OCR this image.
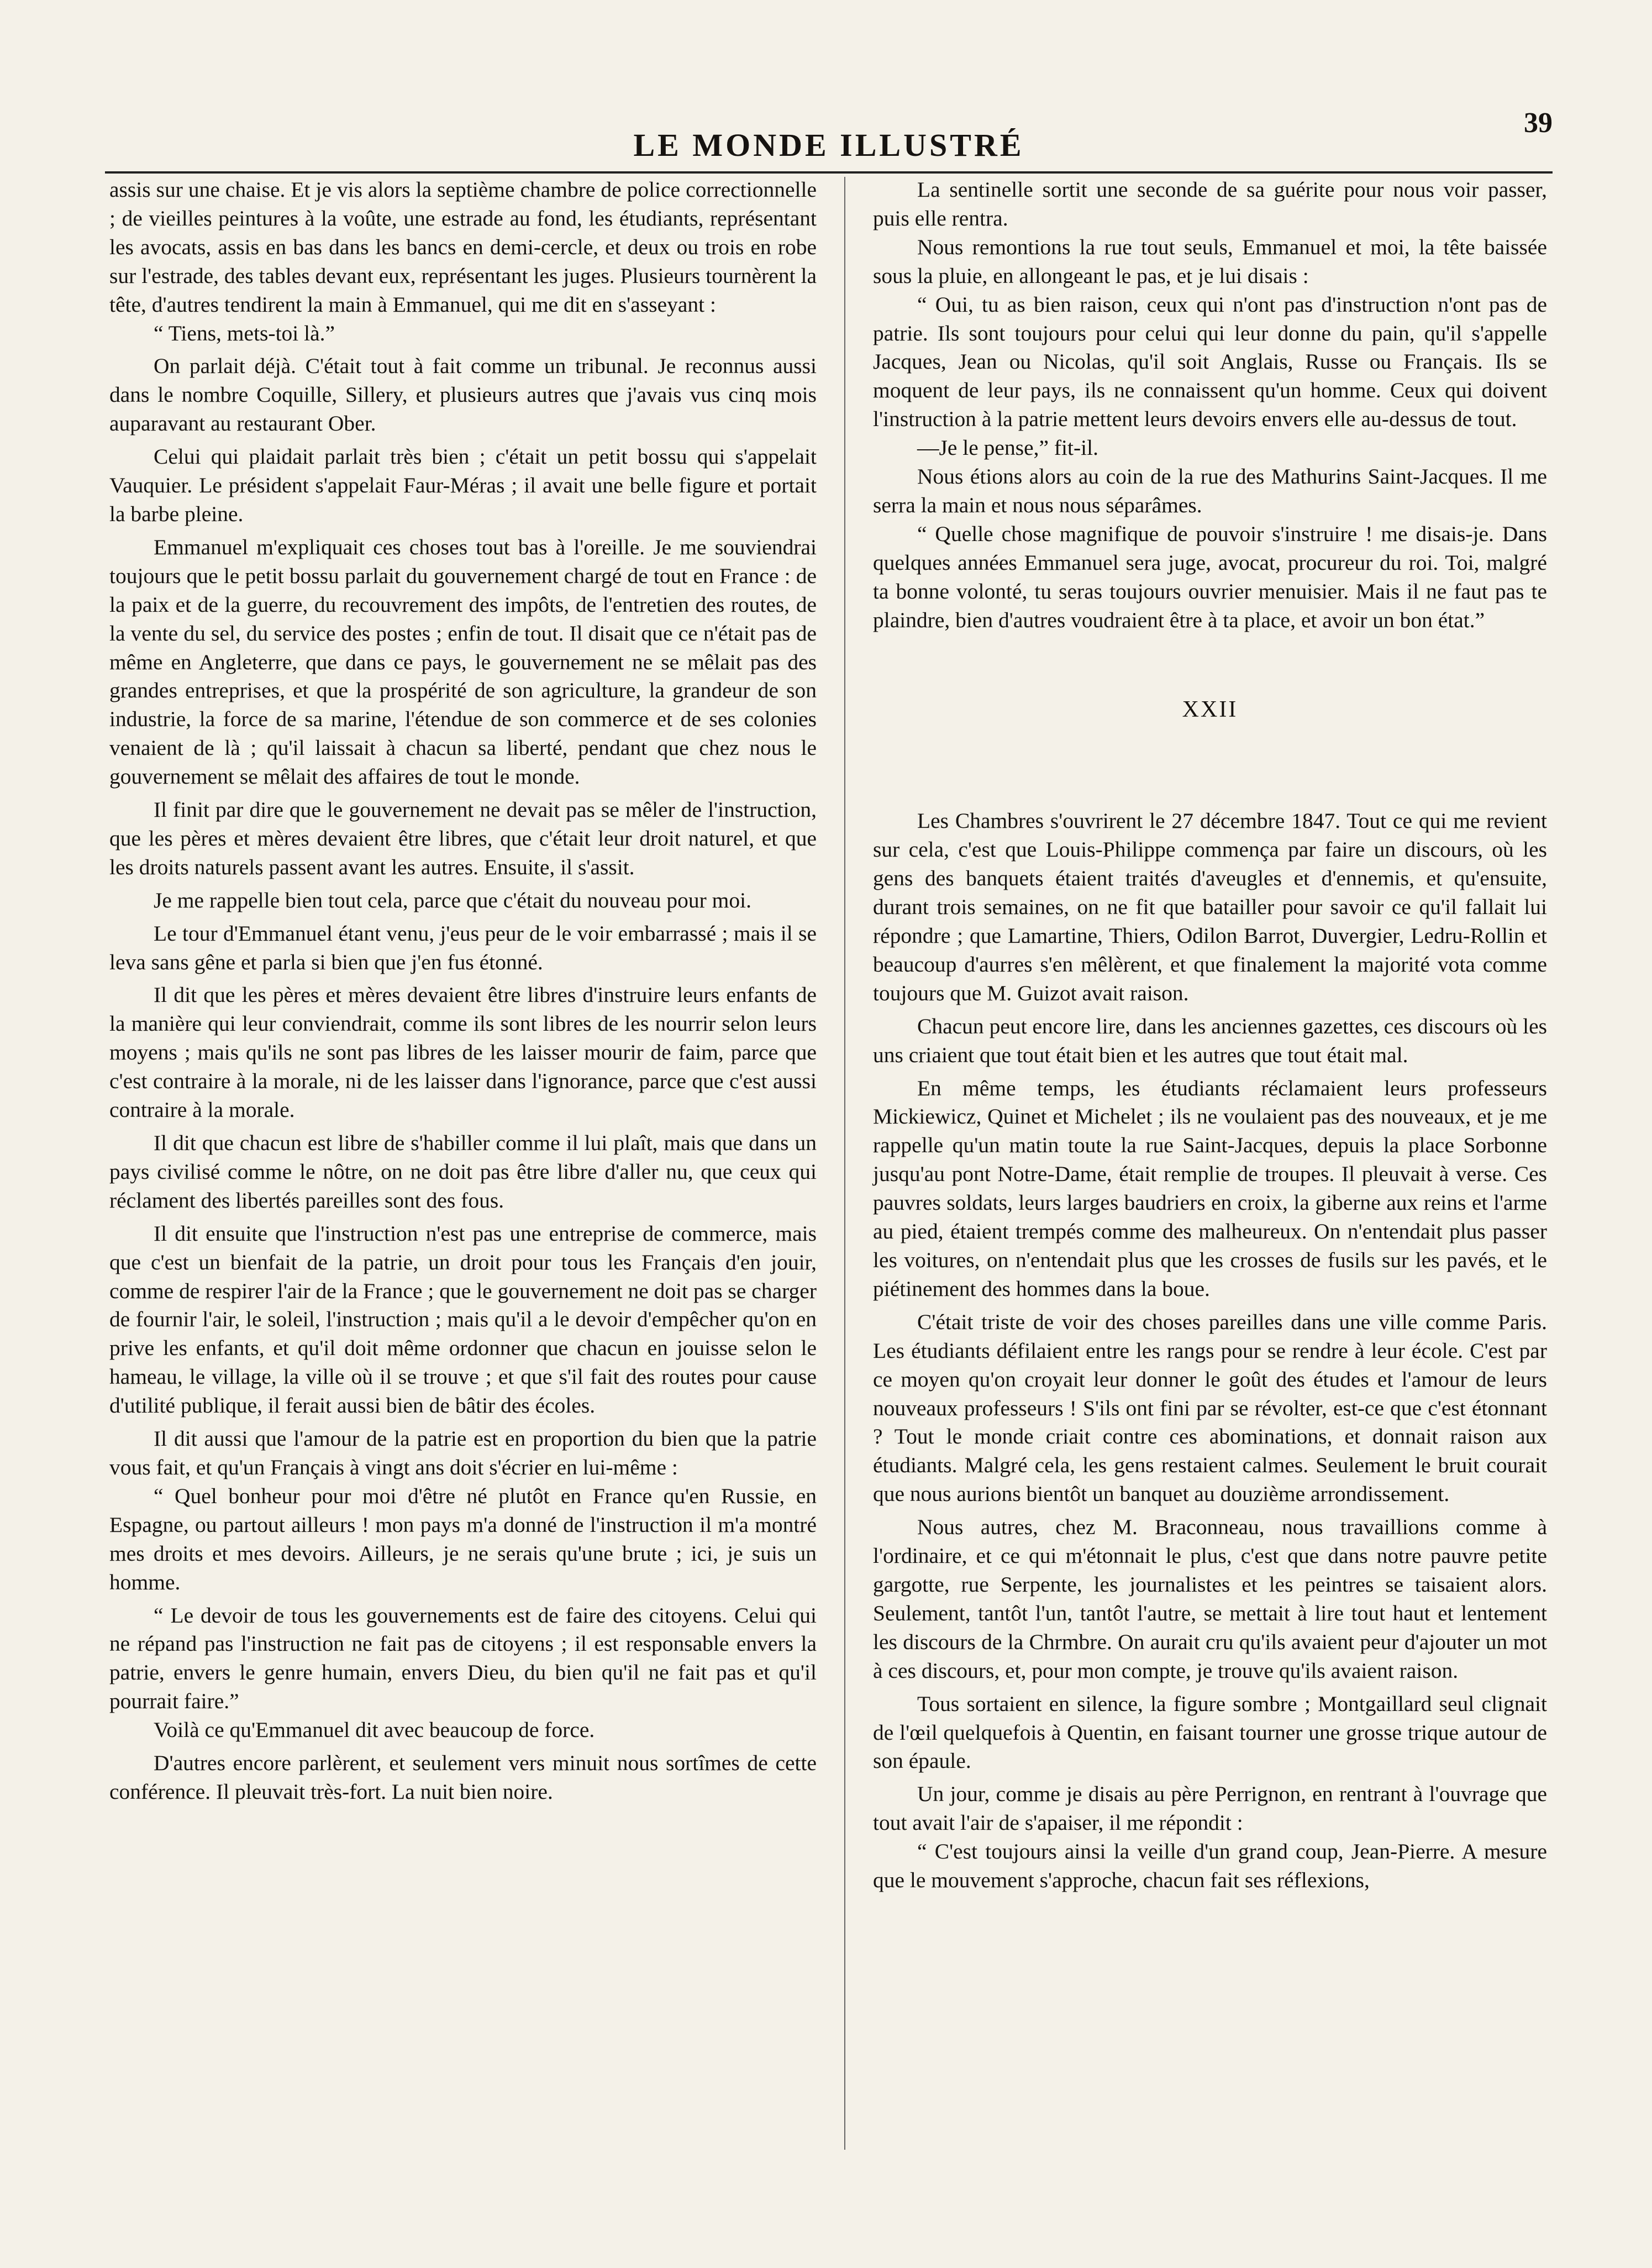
LE MONDE ILLUSTRÉ
39

assis sur une chaise. Et je vis alors la septième chambre de police correctionnelle ; de vieilles peintures à la voûte, une estrade au fond, les étudiants, représentant les avocats, assis en bas dans les bancs en demi-cercle, et deux ou trois en robe sur l'estrade, des tables devant eux, représentant les juges. Plusieurs tournèrent la tête, d'autres tendirent la main à Emmanuel, qui me dit en s'asseyant :

“ Tiens, mets-toi là.”

On parlait déjà. C'était tout à fait comme un tribunal. Je reconnus aussi dans le nombre Coquille, Sillery, et plusieurs autres que j'avais vus cinq mois auparavant au restaurant Ober.

Celui qui plaidait parlait très bien ; c'était un petit bossu qui s'appelait Vauquier. Le président s'appelait Faur-Méras ; il avait une belle figure et portait la barbe pleine.

Emmanuel m'expliquait ces choses tout bas à l'oreille. Je me souviendrai toujours que le petit bossu parlait du gouvernement chargé de tout en France : de la paix et de la guerre, du recouvrement des impôts, de l'entretien des routes, de la vente du sel, du service des postes ; enfin de tout. Il disait que ce n'était pas de même en Angleterre, que dans ce pays, le gouvernement ne se mêlait pas des grandes entreprises, et que la prospérité de son agriculture, la grandeur de son industrie, la force de sa marine, l'étendue de son commerce et de ses colonies venaient de là ; qu'il laissait à chacun sa liberté, pendant que chez nous le gouvernement se mêlait des affaires de tout le monde.

Il finit par dire que le gouvernement ne devait pas se mêler de l'instruction, que les pères et mères devaient être libres, que c'était leur droit naturel, et que les droits naturels passent avant les autres. Ensuite, il s'assit.

Je me rappelle bien tout cela, parce que c'était du nouveau pour moi.

Le tour d'Emmanuel étant venu, j'eus peur de le voir embarrassé ; mais il se leva sans gêne et parla si bien que j'en fus étonné.

Il dit que les pères et mères devaient être libres d'instruire leurs enfants de la manière qui leur conviendrait, comme ils sont libres de les nourrir selon leurs moyens ; mais qu'ils ne sont pas libres de les laisser mourir de faim, parce que c'est contraire à la morale, ni de les laisser dans l'ignorance, parce que c'est aussi contraire à la morale.

Il dit que chacun est libre de s'habiller comme il lui plaît, mais que dans un pays civilisé comme le nôtre, on ne doit pas être libre d'aller nu, que ceux qui réclament des libertés pareilles sont des fous.

Il dit ensuite que l'instruction n'est pas une entreprise de commerce, mais que c'est un bienfait de la patrie, un droit pour tous les Français d'en jouir, comme de respirer l'air de la France ; que le gouvernement ne doit pas se charger de fournir l'air, le soleil, l'instruction ; mais qu'il a le devoir d'empêcher qu'on en prive les enfants, et qu'il doit même ordonner que chacun en jouisse selon le hameau, le village, la ville où il se trouve ; et que s'il fait des routes pour cause d'utilité publique, il ferait aussi bien de bâtir des écoles.

Il dit aussi que l'amour de la patrie est en proportion du bien que la patrie vous fait, et qu'un Français à vingt ans doit s'écrier en lui-même :

“ Quel bonheur pour moi d'être né plutôt en France qu'en Russie, en Espagne, ou partout ailleurs ! mon pays m'a donné de l'instruction il m'a montré mes droits et mes devoirs. Ailleurs, je ne serais qu'une brute ; ici, je suis un homme.

“ Le devoir de tous les gouvernements est de faire des citoyens. Celui qui ne répand pas l'instruction ne fait pas de citoyens ; il est responsable envers la patrie, envers le genre humain, envers Dieu, du bien qu'il ne fait pas et qu'il pourrait faire.”

Voilà ce qu'Emmanuel dit avec beaucoup de force.

D'autres encore parlèrent, et seulement vers minuit nous sortîmes de cette conférence. Il pleuvait très-fort. La nuit bien noire.

La sentinelle sortit une seconde de sa guérite pour nous voir passer, puis elle rentra.

Nous remontions la rue tout seuls, Emmanuel et moi, la tête baissée sous la pluie, en allongeant le pas, et je lui disais :

“ Oui, tu as bien raison, ceux qui n'ont pas d'instruction n'ont pas de patrie. Ils sont toujours pour celui qui leur donne du pain, qu'il s'appelle Jacques, Jean ou Nicolas, qu'il soit Anglais, Russe ou Français. Ils se moquent de leur pays, ils ne connaissent qu'un homme. Ceux qui doivent l'instruction à la patrie mettent leurs devoirs envers elle au-dessus de tout.

—Je le pense,” fit-il.

Nous étions alors au coin de la rue des Mathurins Saint-Jacques. Il me serra la main et nous nous séparâmes.

“ Quelle chose magnifique de pouvoir s'instruire ! me disais-je. Dans quelques années Emmanuel sera juge, avocat, procureur du roi. Toi, malgré ta bonne volonté, tu seras toujours ouvrier menuisier. Mais il ne faut pas te plaindre, bien d'autres voudraient être à ta place, et avoir un bon état.”

XXII

Les Chambres s'ouvrirent le 27 décembre 1847. Tout ce qui me revient sur cela, c'est que Louis-Philippe commença par faire un discours, où les gens des banquets étaient traités d'aveugles et d'ennemis, et qu'ensuite, durant trois semaines, on ne fit que batailler pour savoir ce qu'il fallait lui répondre ; que Lamartine, Thiers, Odilon Barrot, Duvergier, Ledru-Rollin et beaucoup d'aurres s'en mêlèrent, et que finalement la majorité vota comme toujours que M. Guizot avait raison.

Chacun peut encore lire, dans les anciennes gazettes, ces discours où les uns criaient que tout était bien et les autres que tout était mal.

En même temps, les étudiants réclamaient leurs professeurs Mickiewicz, Quinet et Michelet ; ils ne voulaient pas des nouveaux, et je me rappelle qu'un matin toute la rue Saint-Jacques, depuis la place Sorbonne jusqu'au pont Notre-Dame, était remplie de troupes. Il pleuvait à verse. Ces pauvres soldats, leurs larges baudriers en croix, la giberne aux reins et l'arme au pied, étaient trempés comme des malheureux. On n'entendait plus passer les voitures, on n'entendait plus que les crosses de fusils sur les pavés, et le piétinement des hommes dans la boue.

C'était triste de voir des choses pareilles dans une ville comme Paris. Les étudiants défilaient entre les rangs pour se rendre à leur école. C'est par ce moyen qu'on croyait leur donner le goût des études et l'amour de leurs nouveaux professeurs ! S'ils ont fini par se révolter, est-ce que c'est étonnant ? Tout le monde criait contre ces abominations, et donnait raison aux étudiants. Malgré cela, les gens restaient calmes. Seulement le bruit courait que nous aurions bientôt un banquet au douzième arrondissement.

Nous autres, chez M. Braconneau, nous travaillions comme à l'ordinaire, et ce qui m'étonnait le plus, c'est que dans notre pauvre petite gargotte, rue Serpente, les journalistes et les peintres se taisaient alors. Seulement, tantôt l'un, tantôt l'autre, se mettait à lire tout haut et lentement les discours de la Chrmbre. On aurait cru qu'ils avaient peur d'ajouter un mot à ces discours, et, pour mon compte, je trouve qu'ils avaient raison.

Tous sortaient en silence, la figure sombre ; Montgaillard seul clignait de l'œil quelquefois à Quentin, en faisant tourner une grosse trique autour de son épaule.

Un jour, comme je disais au père Perrignon, en rentrant à l'ouvrage que tout avait l'air de s'apaiser, il me répondit :

“ C'est toujours ainsi la veille d'un grand coup, Jean-Pierre. A mesure que le mouvement s'approche, chacun fait ses réflexions,
